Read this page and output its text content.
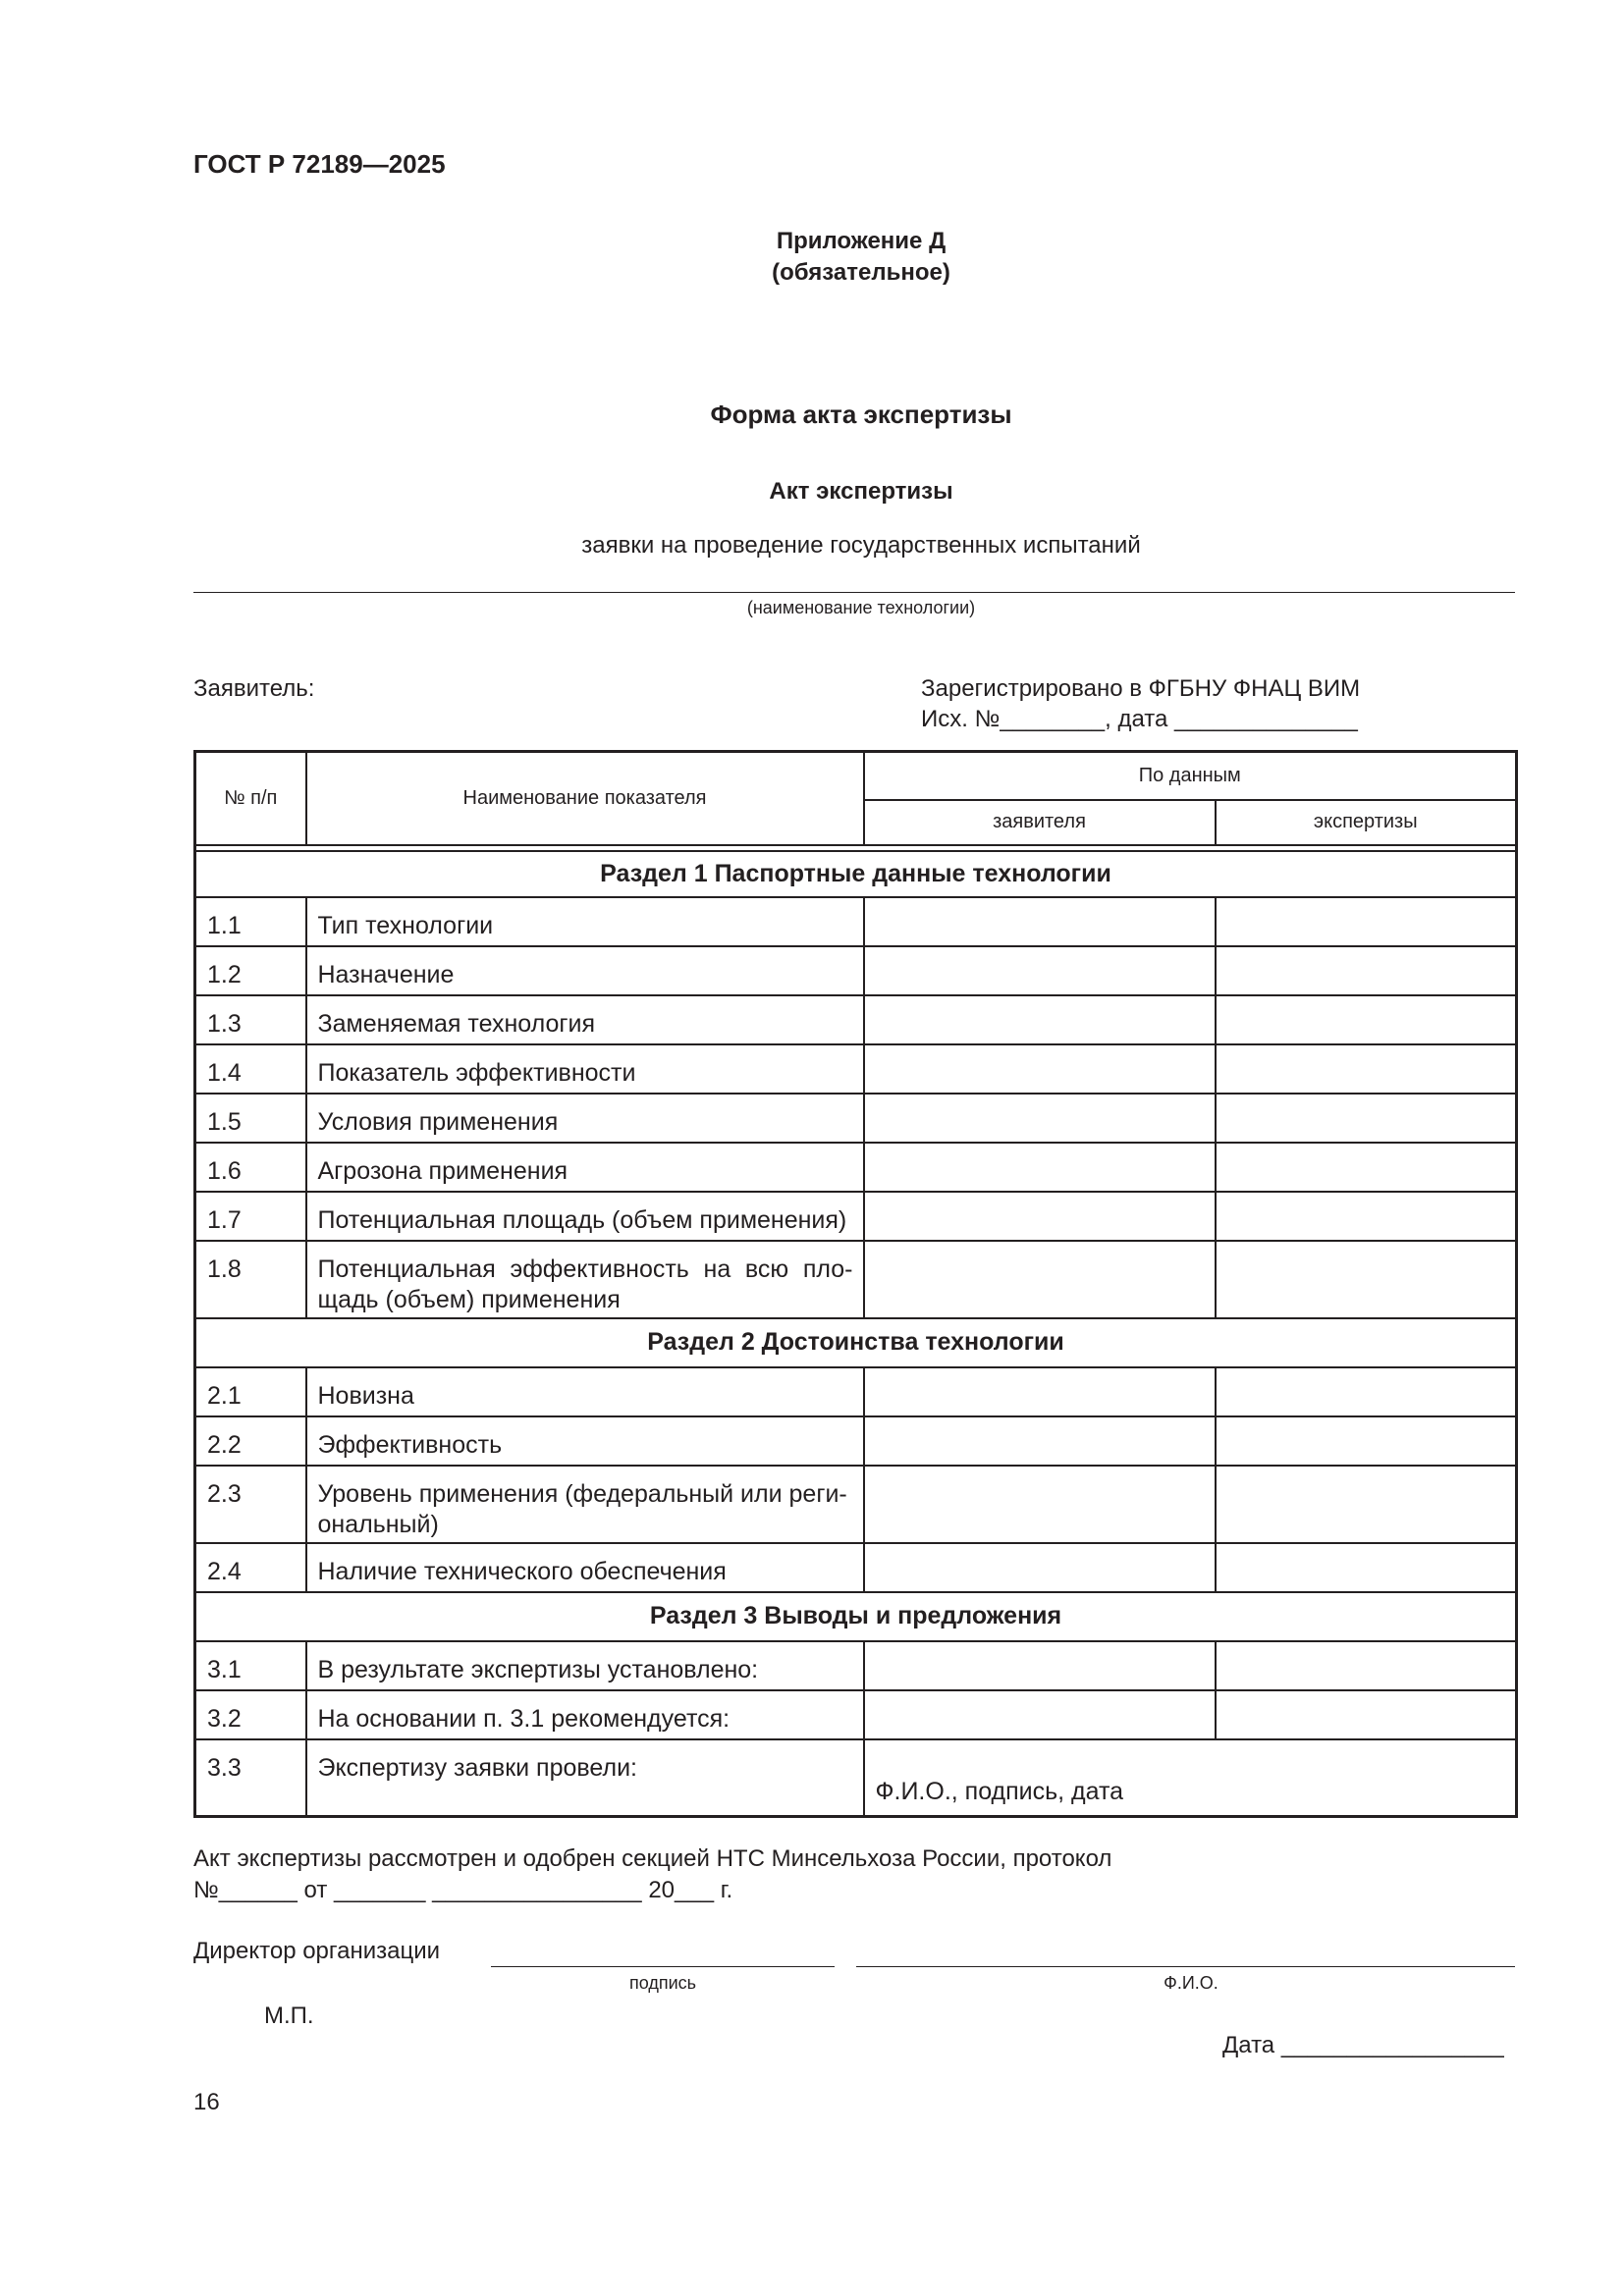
ГОСТ Р 72189—2025
Приложение Д
(обязательное)
Форма акта экспертизы
Акт экспертизы
заявки на проведение государственных испытаний
(наименование технологии)
Заявитель:	Зарегистрировано в ФГБНУ ФНАЦ ВИМ
Исх. №________, дата ______________
№ п/п	Наименование показателя	По данным	
		заявителя	экспертизы

Раздел 1 Паспортные данные технологии			
1.1	Тип технологии		
1.2	Назначение		
1.3	Заменяемая технология		
1.4	Показатель эффективности		
1.5	Условия применения		
1.6	Агрозона применения		
1.7	Потенциальная площадь (объем применения)		
1.8	Потенциальная эффективность на всю пло-щадь (объем) применения		
Раздел 2 Достоинства технологии			
2.1	Новизна		
2.2	Эффективность		
2.3	Уровень применения (федеральный или реги-ональный)		
2.4	Наличие технического обеспечения		
Раздел 3 Выводы и предложения			
3.1	В результате экспертизы установлено:		
3.2	На основании п. 3.1 рекомендуется:		
3.3	Экспертизу заявки провели:	Ф.И.О., подпись, дата	
Акт экспертизы рассмотрен и одобрен секцией НТС Минсельхоза России, протокол
№______ от _______ ________________ 20___ г.
Директор организации
подпись	Ф.И.О.
М.П.
Дата _________________
16
